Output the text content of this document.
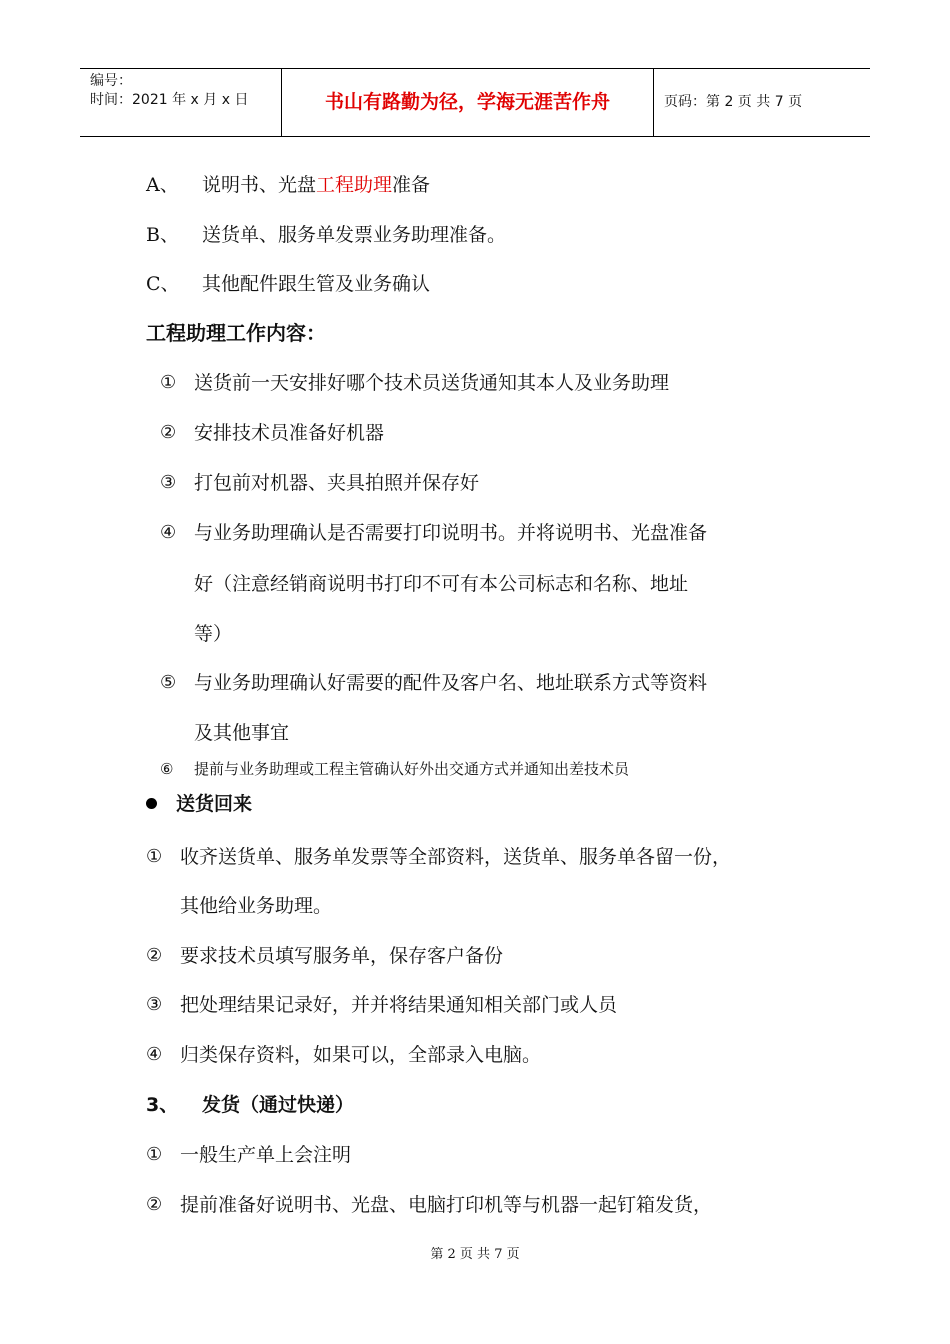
编号：
时间：2021 年 x 月 x 日	书山有路勤为径，学海无涯苦作舟	页码：第 2 页 共 7 页
A、 说明书、光盘工程助理准备
B、 送货单、服务单发票业务助理准备。
C、 其他配件跟生管及业务确认
工程助理工作内容：
① 送货前一天安排好哪个技术员送货通知其本人及业务助理
② 安排技术员准备好机器
③ 打包前对机器、夹具拍照并保存好
④ 与业务助理确认是否需要打印说明书。并将说明书、光盘准备
好（注意经销商说明书打印不可有本公司标志和名称、地址
等）
⑤ 与业务助理确认好需要的配件及客户名、地址联系方式等资料
及其他事宜
⑥ 提前与业务助理或工程主管确认好外出交通方式并通知出差技术员
送货回来
① 收齐送货单、服务单发票等全部资料，送货单、服务单各留一份，
其他给业务助理。
② 要求技术员填写服务单，保存客户备份
③ 把处理结果记录好，并并将结果通知相关部门或人员
④ 归类保存资料，如果可以，全部录入电脑。
3、 发货（通过快递）
① 一般生产单上会注明
② 提前准备好说明书、光盘、电脑打印机等与机器一起钉箱发货，
第 2 页 共 7 页
